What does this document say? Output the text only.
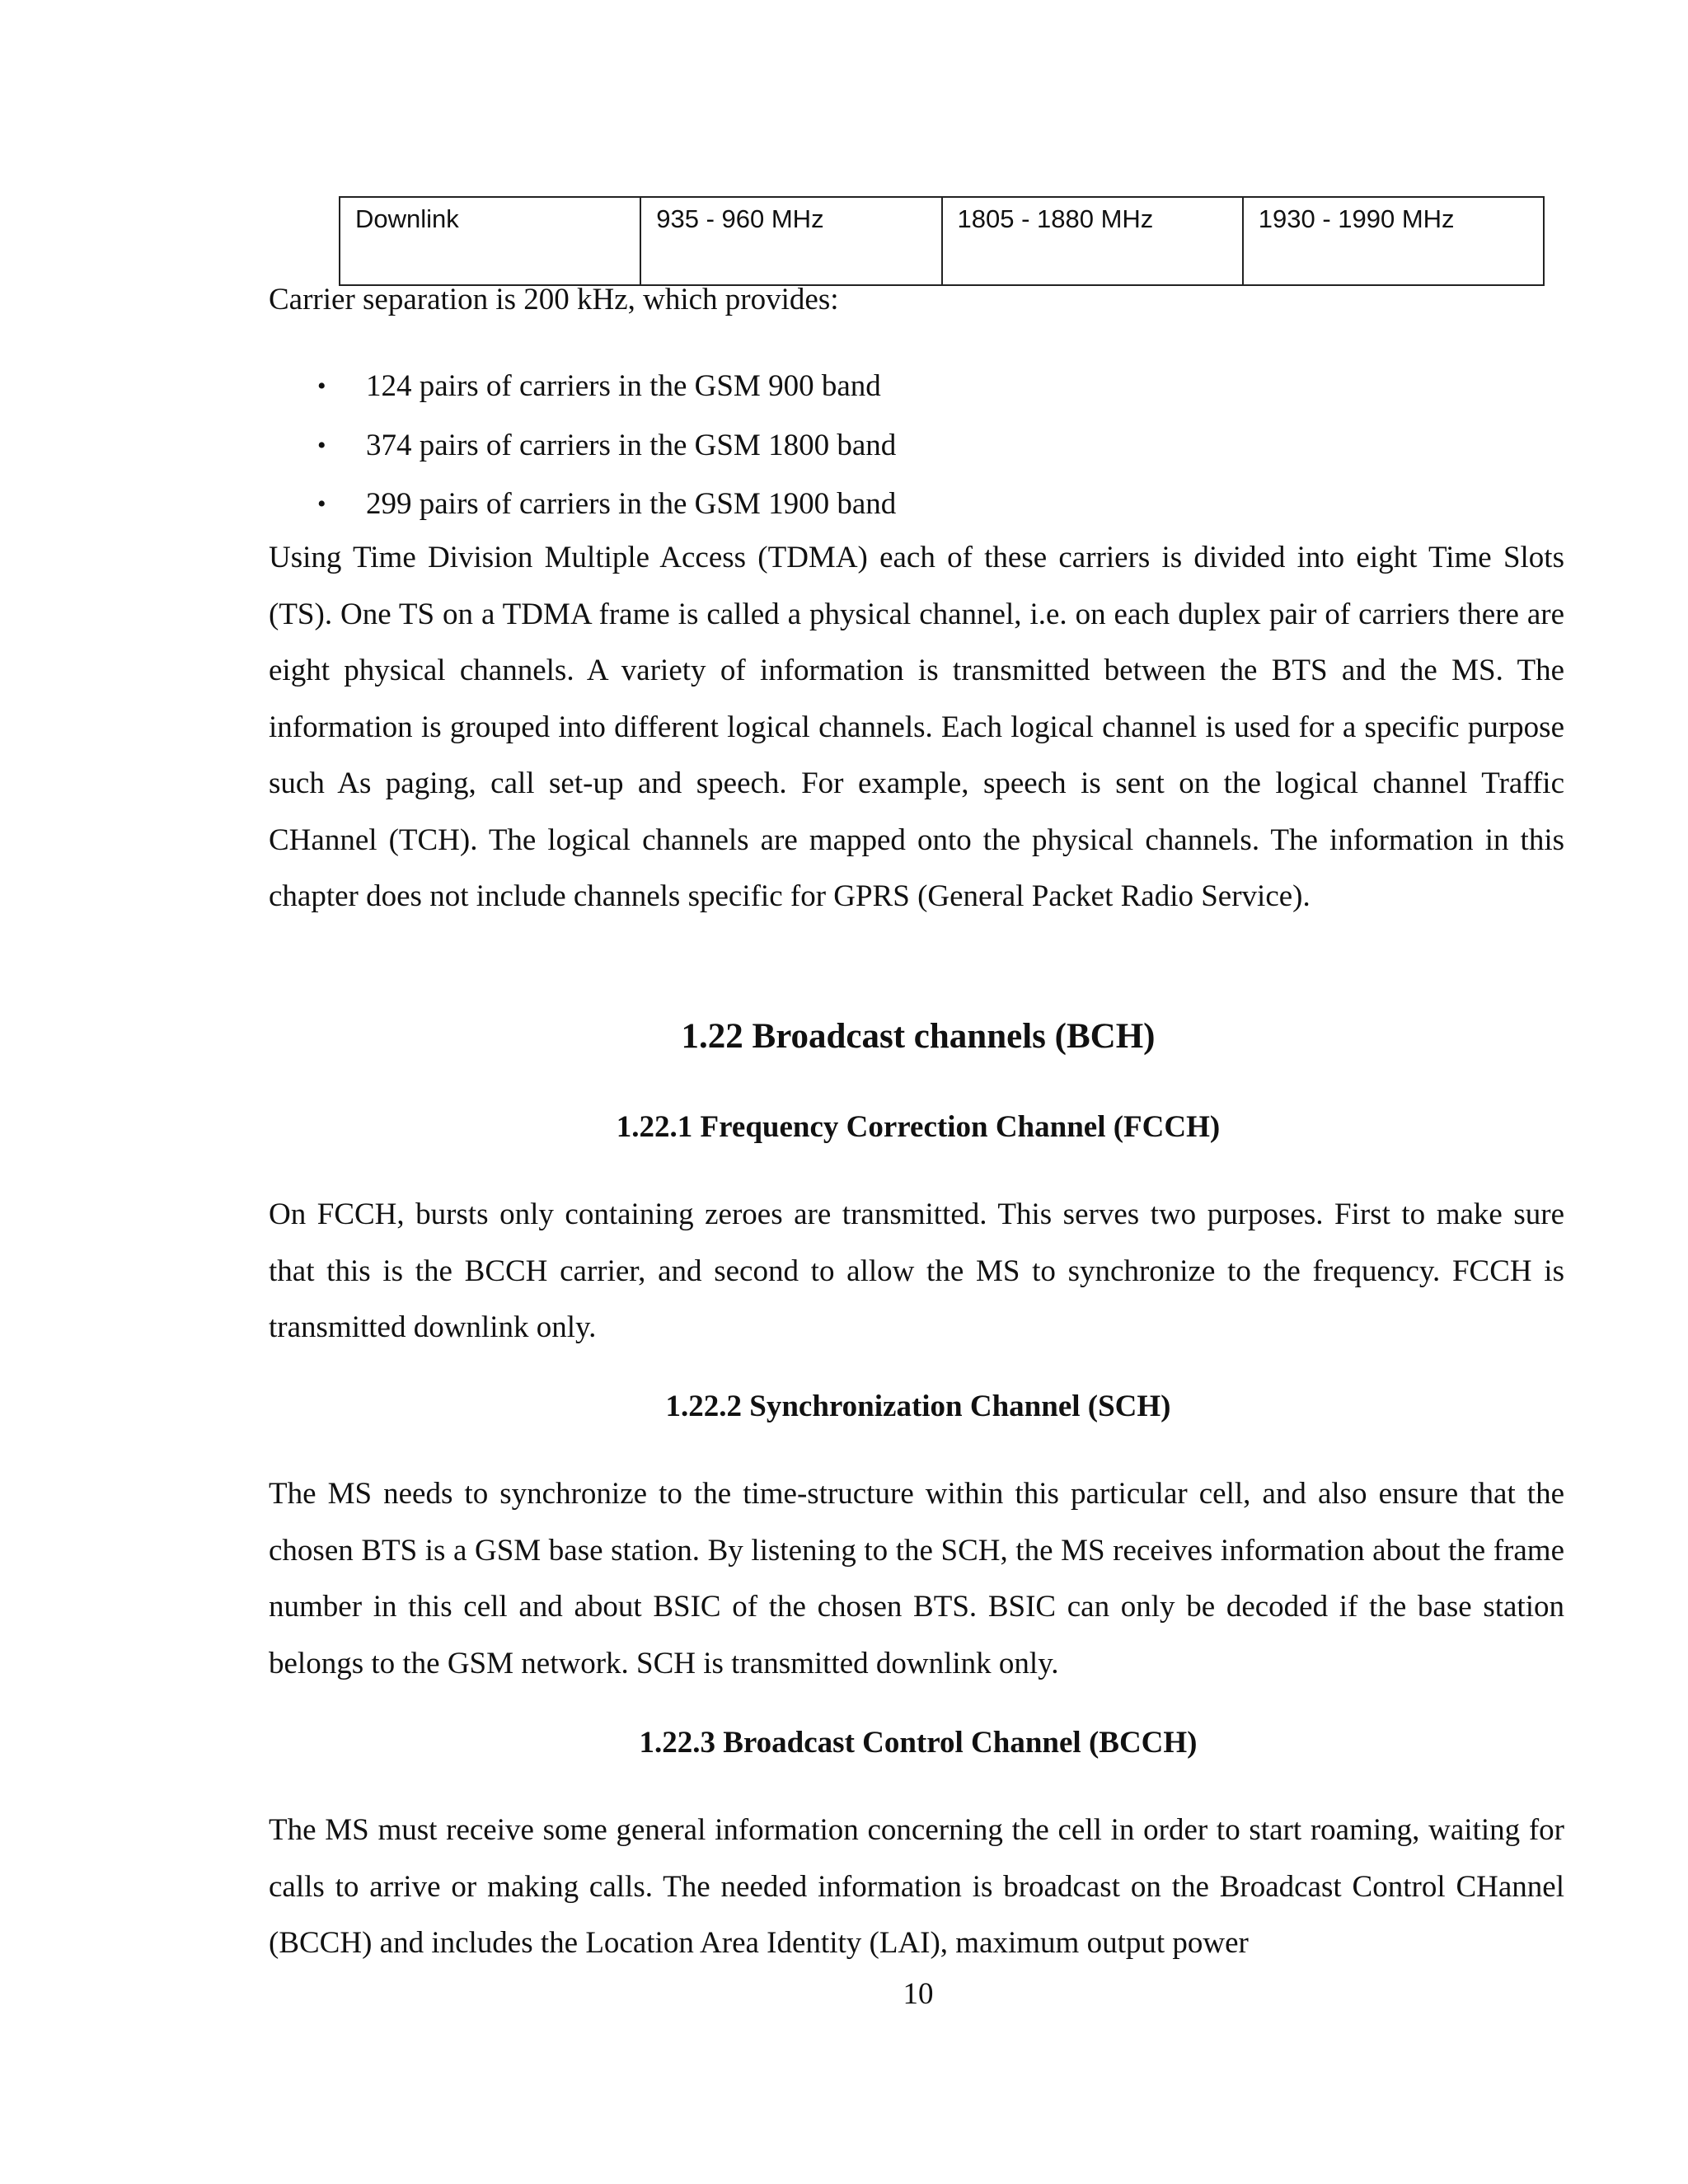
Downlink	935 - 960 MHz	1805 - 1880 MHz	1930 - 1990 MHz

Carrier separation is 200 kHz, which provides:

• 124 pairs of carriers in the GSM 900 band
• 374 pairs of carriers in the GSM 1800 band
• 299 pairs of carriers in the GSM 1900 band

Using Time Division Multiple Access (TDMA) each of these carriers is divided into eight Time Slots (TS). One TS on a TDMA frame is called a physical channel, i.e. on each duplex pair of carriers there are eight physical channels. A variety of information is transmitted between the BTS and the MS. The information is grouped into different logical channels. Each logical channel is used for a specific purpose such As paging, call set-up and speech. For example, speech is sent on the logical channel Traffic CHannel (TCH). The logical channels are mapped onto the physical channels. The information in this chapter does not include channels specific for GPRS (General Packet Radio Service).

1.22 Broadcast channels (BCH)
1.22.1 Frequency Correction Channel (FCCH)

On FCCH, bursts only containing zeroes are transmitted. This serves two purposes. First to make sure that this is the BCCH carrier, and second to allow the MS to synchronize to the frequency. FCCH is transmitted downlink only.

1.22.2 Synchronization Channel (SCH)

The MS needs to synchronize to the time-structure within this particular cell, and also ensure that the chosen BTS is a GSM base station. By listening to the SCH, the MS receives information about the frame number in this cell and about BSIC of the chosen BTS. BSIC can only be decoded if the base station belongs to the GSM network. SCH is transmitted downlink only.

1.22.3 Broadcast Control Channel (BCCH)

The MS must receive some general information concerning the cell in order to start roaming, waiting for calls to arrive or making calls. The needed information is broadcast on the Broadcast Control CHannel (BCCH) and includes the Location Area Identity (LAI), maximum output power

10
